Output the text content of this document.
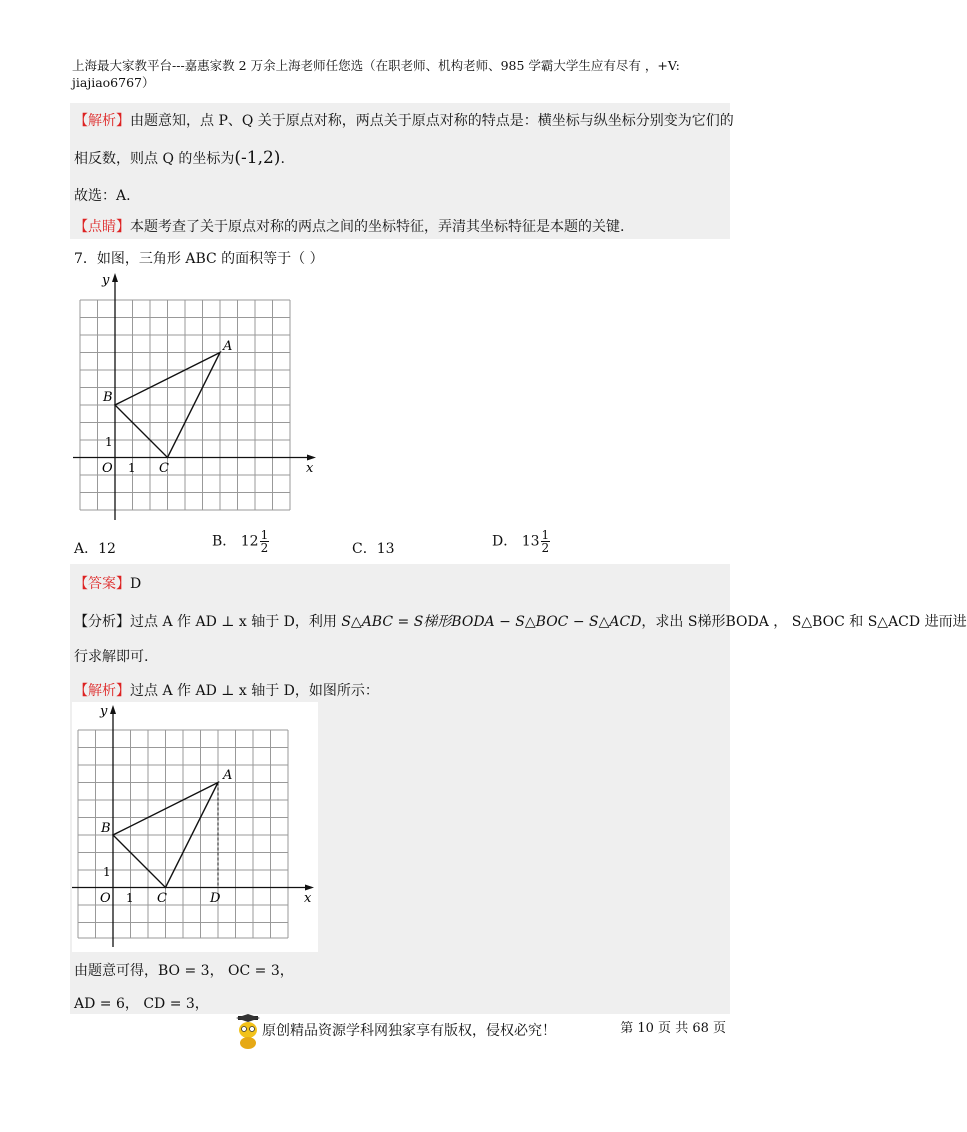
上海最大家教平台---嘉惠家教 2 万余上海老师任您选（在职老师、机构老师、985 学霸大学生应有尽有 ，+V:
jiajiao6767）
【解析】由题意知，点 P、Q 关于原点对称，两点关于原点对称的特点是：横坐标与纵坐标分别变为它们的
相反数，则点 Q 的坐标为(-1,2).
故选：A.
【点睛】本题考查了关于原点对称的两点之间的坐标特征，弄清其坐标特征是本题的关键.
7．如图，三角形 ABC 的面积等于（ ）
y
x
O 1
1
A
B
C
A．12	B． $12 \frac{1}{2}$	C．13	D． $13 \frac{1}{2}$
【答案】D
【分析】过点 A 作 AD ⊥ x 轴于 D，利用 S△ABC = S梯形BODA − S△BOC − S△ACD，求出 S梯形BODA ， S△BOC 和 S△ACD 进而进
行求解即可.
【解析】过点 A 作 AD ⊥ x 轴于 D，如图所示：
y
x
O 1
1
A
B
C	D
由题意可得，BO = 3， OC = 3，
AD = 6， CD = 3，
第 10 页 共 68 页
原创精品资源学科网独家享有版权，侵权必究！
